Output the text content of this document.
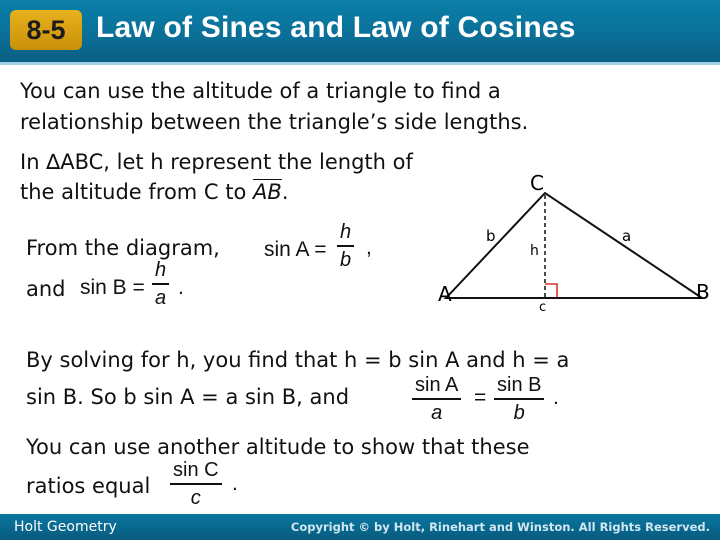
8-5	Law of Sines and Law of Cosines
You can use the altitude of a triangle to find a
relationship between the triangle’s side lengths.
In ∆ABC, let h represent the length of
the altitude from C to AB.
From the diagram, sin A =
h
b
,
and sin B =
h
a .
C
A	B
b	a
h
c
By solving for h, you find that h = b sin A and h = a
sin B. So b sin A = a sin B, and	sin A
a
=
sin B
b
.
You can use another altitude to show that these
ratios equal
sin C
c
.
Holt Geometry	Copyright © by Holt, Rinehart and Winston. All Rights Reserved.
